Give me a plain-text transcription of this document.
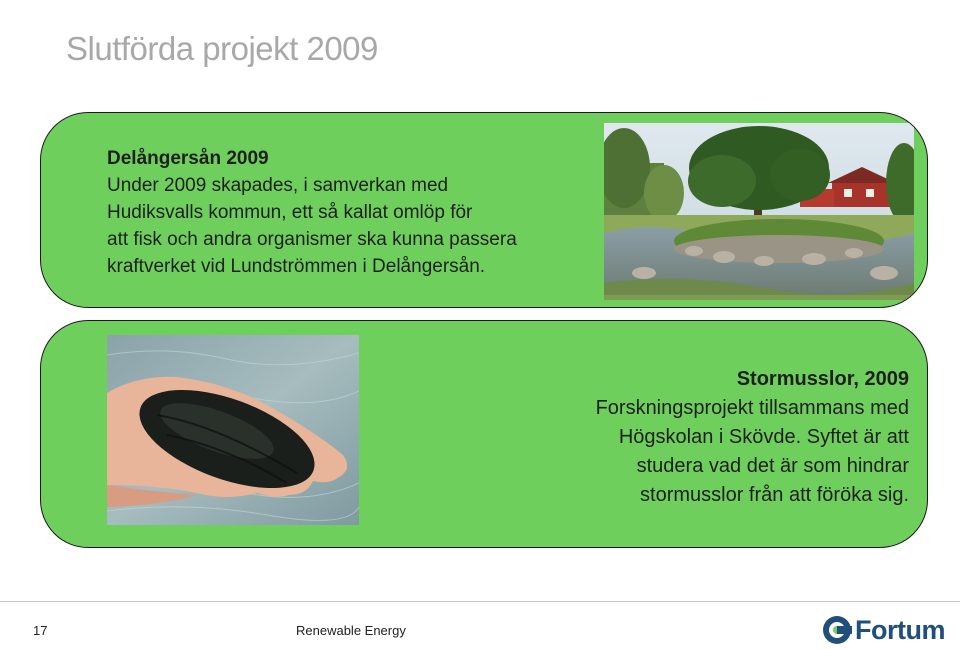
Slutförda projekt 2009
Delångersån 2009
Under 2009 skapades, i samverkan med
Hudiksvalls kommun, ett så kallat omlöp för
att fisk och andra organismer ska kunna passera
kraftverket vid Lundströmmen i Delångersån.
Stormusslor, 2009
Forskningsprojekt tillsammans med
Högskolan i Skövde. Syftet är att
studera vad det är som hindrar
stormusslor från att föröka sig.
17	Renewable Energy	Fortum
